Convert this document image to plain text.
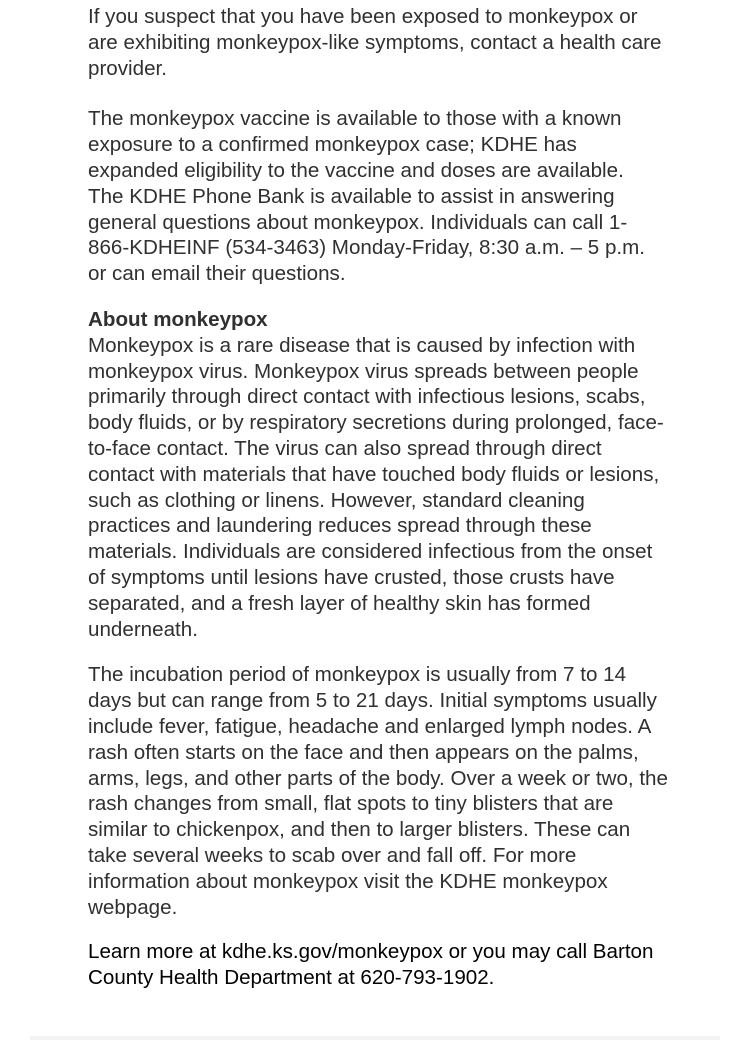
If you suspect that you have been exposed to monkeypox or are exhibiting monkeypox-like symptoms, contact a health care provider.

The monkeypox vaccine is available to those with a known exposure to a confirmed monkeypox case; KDHE has expanded eligibility to the vaccine and doses are available.

The KDHE Phone Bank is available to assist in answering general questions about monkeypox. Individuals can call 1-866-KDHEINF (534-3463) Monday-Friday, 8:30 a.m. – 5 p.m. or can email their questions.

About monkeypox

Monkeypox is a rare disease that is caused by infection with monkeypox virus. Monkeypox virus spreads between people primarily through direct contact with infectious lesions, scabs, body fluids, or by respiratory secretions during prolonged, face-to-face contact. The virus can also spread through direct contact with materials that have touched body fluids or lesions, such as clothing or linens. However, standard cleaning practices and laundering reduces spread through these materials. Individuals are considered infectious from the onset of symptoms until lesions have crusted, those crusts have separated, and a fresh layer of healthy skin has formed underneath.

The incubation period of monkeypox is usually from 7 to 14 days but can range from 5 to 21 days. Initial symptoms usually include fever, fatigue, headache and enlarged lymph nodes. A rash often starts on the face and then appears on the palms, arms, legs, and other parts of the body. Over a week or two, the rash changes from small, flat spots to tiny blisters that are similar to chickenpox, and then to larger blisters. These can take several weeks to scab over and fall off. For more information about monkeypox visit the KDHE monkeypox webpage.

Learn more at kdhe.ks.gov/monkeypox or you may call Barton County Health Department at 620-793-1902.
